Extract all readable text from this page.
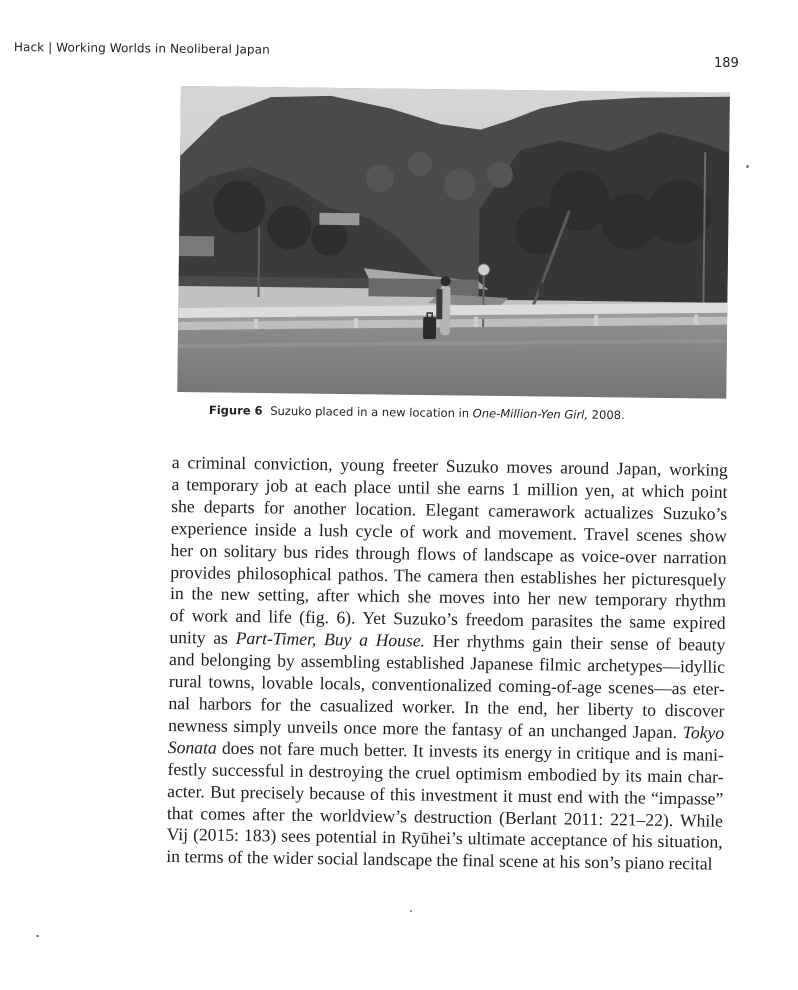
Hack | Working Worlds in Neoliberal Japan
189
Figure 6 Suzuko placed in a new location in One-Million-Yen Girl, 2008.
a criminal conviction, young freeter Suzuko moves around Japan, working
a temporary job at each place until she earns 1 million yen, at which point
she departs for another location. Elegant camerawork actualizes Suzuko’s
experience inside a lush cycle of work and movement. Travel scenes show
her on solitary bus rides through flows of landscape as voice-over narration
provides philosophical pathos. The camera then establishes her picturesquely
in the new setting, after which she moves into her new temporary rhythm
of work and life (fig. 6). Yet Suzuko’s freedom parasites the same expired
unity as Part-Timer, Buy a House. Her rhythms gain their sense of beauty
and belonging by assembling established Japanese filmic archetypes—idyllic
rural towns, lovable locals, conventionalized coming-of-age scenes—as eter-
nal harbors for the casualized worker. In the end, her liberty to discover
newness simply unveils once more the fantasy of an unchanged Japan. Tokyo
Sonata does not fare much better. It invests its energy in critique and is mani-
festly successful in destroying the cruel optimism embodied by its main char-
acter. But precisely because of this investment it must end with the “impasse”
that comes after the worldview’s destruction (Berlant 2011: 221–22). While
Vij (2015: 183) sees potential in Ryūhei’s ultimate acceptance of his situation,
in terms of the wider social landscape the final scene at his son’s piano recital
